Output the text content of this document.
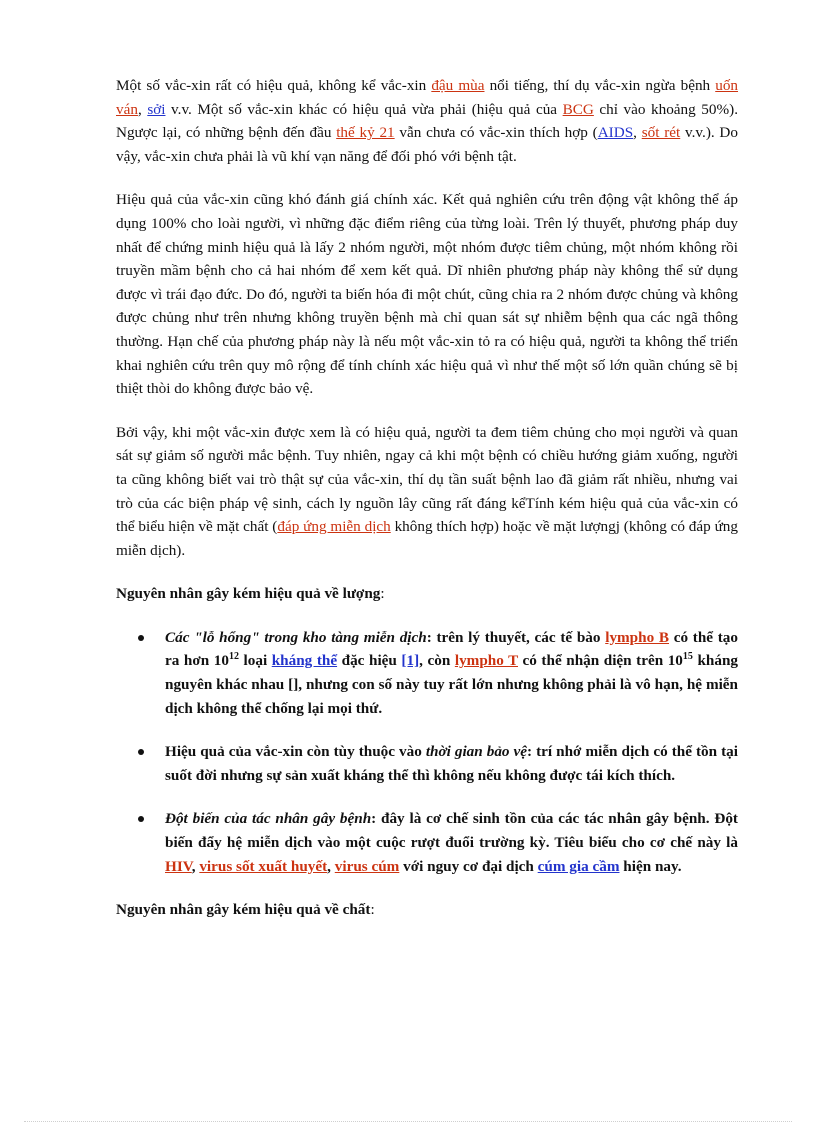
Một số vắc-xin rất có hiệu quả, không kể vắc-xin đậu mùa nổi tiếng, thí dụ vắc-xin ngừa bệnh uốn ván, sởi v.v. Một số vắc-xin khác có hiệu quả vừa phải (hiệu quả của BCG chỉ vào khoảng 50%). Ngược lại, có những bệnh đến đầu thế kỷ 21 vẫn chưa có vắc-xin thích hợp (AIDS, sốt rét v.v.). Do vậy, vắc-xin chưa phải là vũ khí vạn năng để đối phó với bệnh tật.

Hiệu quả của vắc-xin cũng khó đánh giá chính xác. Kết quả nghiên cứu trên động vật không thể áp dụng 100% cho loài người, vì những đặc điểm riêng của từng loài. Trên lý thuyết, phương pháp duy nhất để chứng minh hiệu quả là lấy 2 nhóm người, một nhóm được tiêm chủng, một nhóm không rồi truyền mầm bệnh cho cả hai nhóm để xem kết quả. Dĩ nhiên phương pháp này không thể sử dụng được vì trái đạo đức. Do đó, người ta biến hóa đi một chút, cũng chia ra 2 nhóm được chủng và không được chủng như trên nhưng không truyền bệnh mà chỉ quan sát sự nhiễm bệnh qua các ngã thông thường. Hạn chế của phương pháp này là nếu một vắc-xin tỏ ra có hiệu quả, người ta không thể triển khai nghiên cứu trên quy mô rộng để tính chính xác hiệu quả vì như thế một số lớn quần chúng sẽ bị thiệt thòi do không được bảo vệ.

Bởi vậy, khi một vắc-xin được xem là có hiệu quả, người ta đem tiêm chủng cho mọi người và quan sát sự giảm số người mắc bệnh. Tuy nhiên, ngay cả khi một bệnh có chiều hướng giảm xuống, người ta cũng không biết vai trò thật sự của vắc-xin, thí dụ tần suất bệnh lao đã giảm rất nhiều, nhưng vai trò của các biện pháp vệ sinh, cách ly nguồn lây cũng rất đáng kểTính kém hiệu quả của vắc-xin có thể biểu hiện về mặt chất (đáp ứng miễn dịch không thích hợp) hoặc về mặt lượngj (không có đáp ứng miễn dịch).

Nguyên nhân gây kém hiệu quả về lượng:
Các "lỗ hổng" trong kho tàng miễn dịch: trên lý thuyết, các tế bào lympho B có thể tạo ra hơn $10^{12}$ loại kháng thể đặc hiệu [1], còn lympho T có thể nhận diện trên $10^{15}$ kháng nguyên khác nhau [], nhưng con số này tuy rất lớn nhưng không phải là vô hạn, hệ miễn dịch không thể chống lại mọi thứ.
Hiệu quả của vắc-xin còn tùy thuộc vào thời gian bảo vệ: trí nhớ miễn dịch có thể tồn tại suốt đời nhưng sự sản xuất kháng thể thì không nếu không được tái kích thích.
Đột biến của tác nhân gây bệnh: đây là cơ chế sinh tồn của các tác nhân gây bệnh. Đột biến đẩy hệ miễn dịch vào một cuộc rượt đuổi trường kỳ. Tiêu biểu cho cơ chế này là HIV, virus sốt xuất huyết, virus cúm với nguy cơ đại dịch cúm gia cầm hiện nay.
Nguyên nhân gây kém hiệu quả về chất:
